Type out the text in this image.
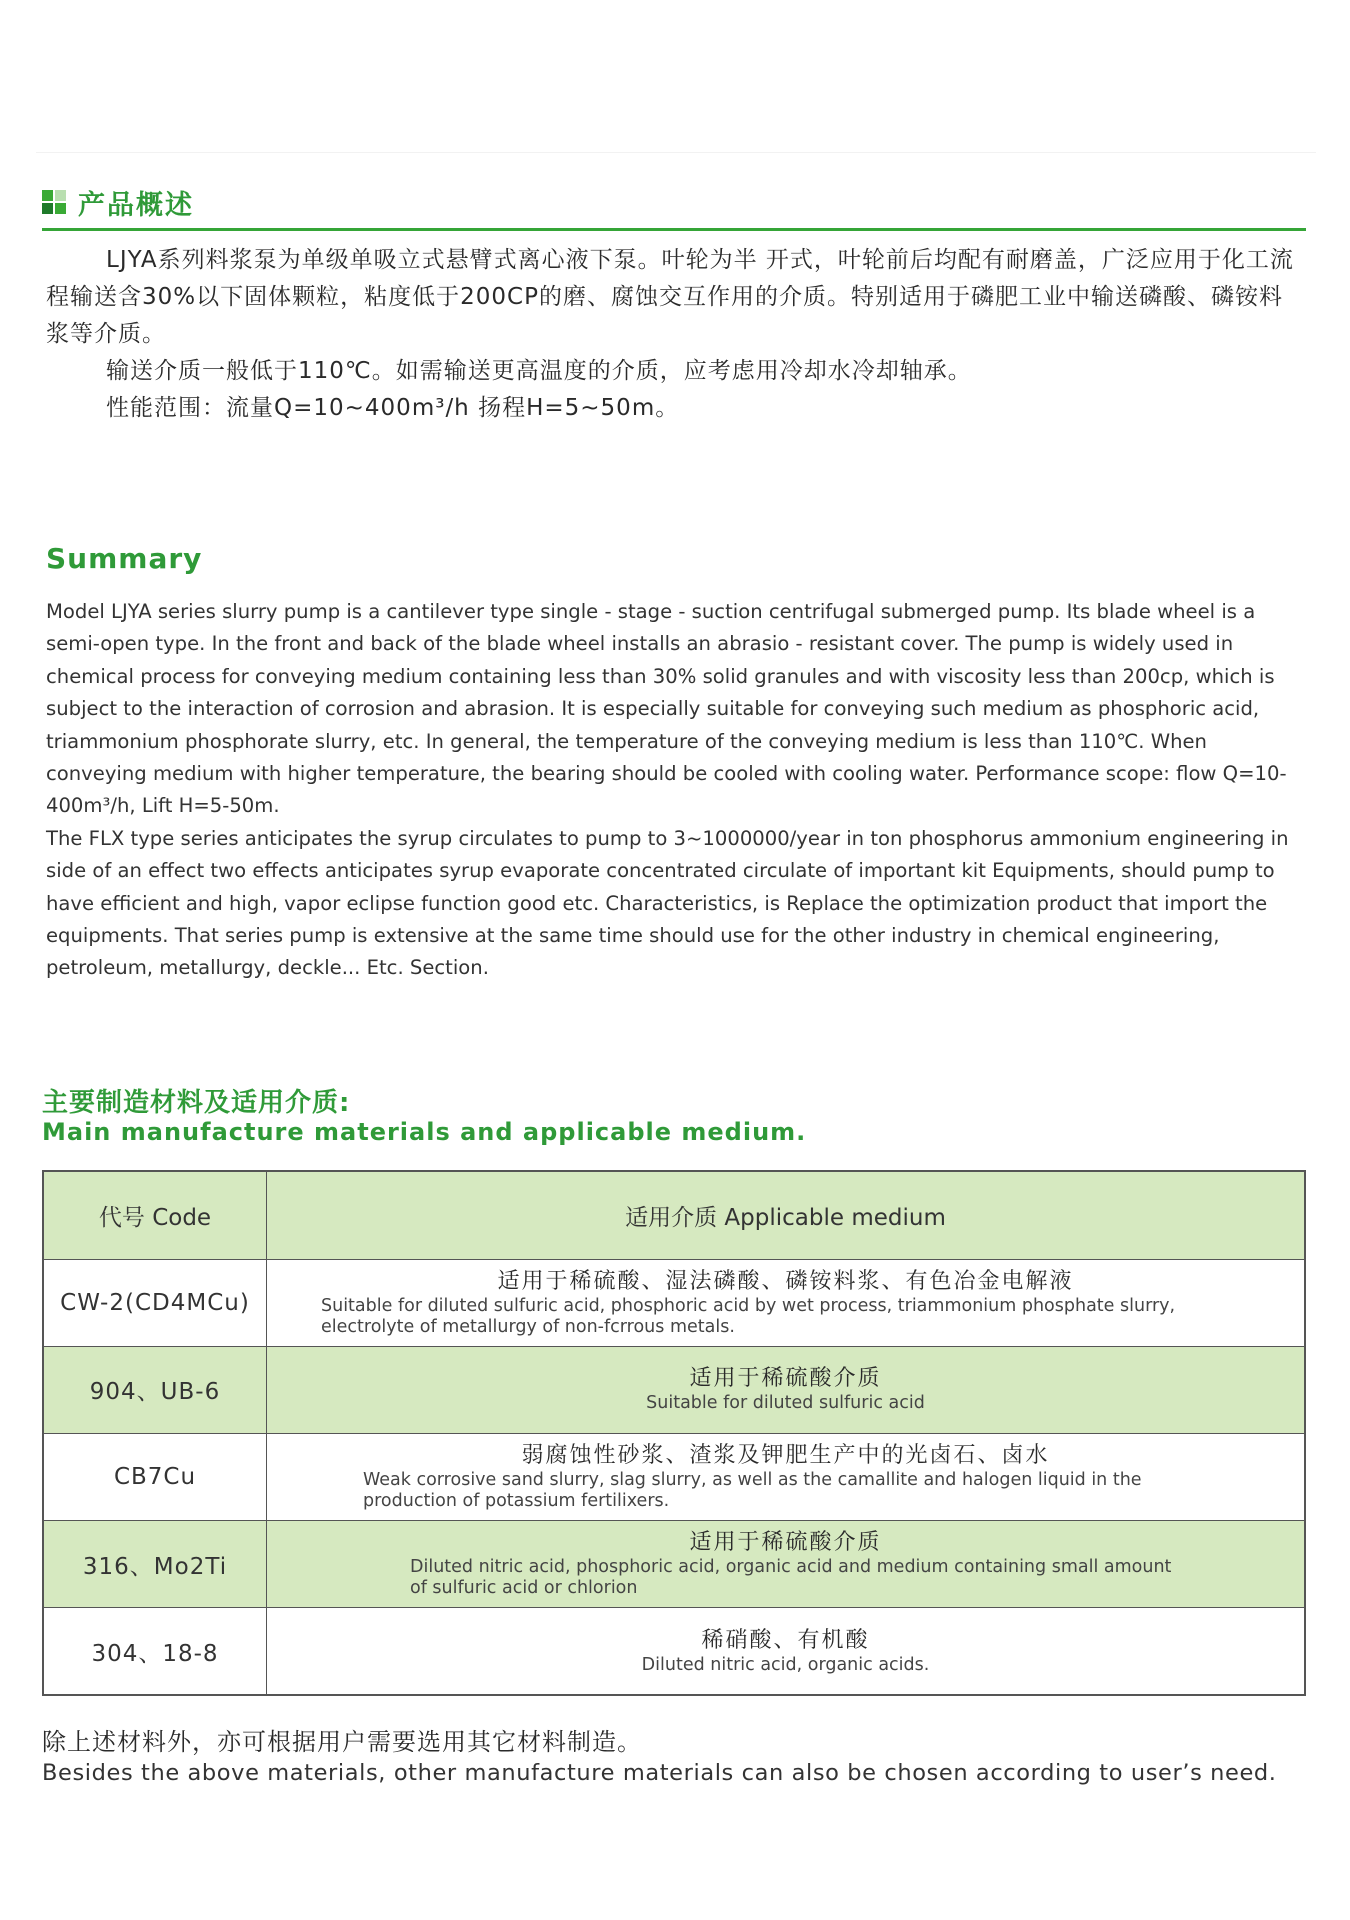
产品概述

LJYA系列料浆泵为单级单吸立式悬臂式离心液下泵。叶轮为半 开式，叶轮前后均配有耐磨盖，广泛应用于化工流程输送含30%以下固体颗粒，粘度低于200CP的磨、腐蚀交互作用的介质。特别适用于磷肥工业中输送磷酸、磷铵料浆等介质。

输送介质一般低于110℃。如需输送更高温度的介质，应考虑用冷却水冷却轴承。

性能范围：流量Q=10~400m³/h 扬程H=5~50m。

Summary

Model LJYA series slurry pump is a cantilever type single - stage - suction centrifugal submerged pump. Its blade wheel is a semi-open type. In the front and back of the blade wheel installs an abrasio - resistant cover. The pump is widely used in chemical process for conveying medium containing less than 30% solid granules and with viscosity less than 200cp, which is subject to the interaction of corrosion and abrasion. It is especially suitable for conveying such medium as phosphoric acid, triammonium phosphorate slurry, etc. In general, the temperature of the conveying medium is less than 110℃. When conveying medium with higher temperature, the bearing should be cooled with cooling water. Performance scope: flow Q=10-400m³/h, Lift H=5-50m.

The FLX type series anticipates the syrup circulates to pump to 3~1000000/year in ton phosphorus ammonium engineering in side of an effect two effects anticipates syrup evaporate concentrated circulate of important kit Equipments, should pump to have efficient and high, vapor eclipse function good etc. Characteristics, is Replace the optimization product that import the equipments. That series pump is extensive at the same time should use for the other industry in chemical engineering, petroleum, metallurgy, deckle... Etc. Section.

主要制造材料及适用介质:
Main manufacture materials and applicable medium.
代号 Code	适用介质 Applicable medium
CW-2(CD4MCu)	适用于稀硫酸、湿法磷酸、磷铵料浆、有色冶金电解液
Suitable for diluted sulfuric acid, phosphoric acid by wet process, triammonium phosphate slurry, electrolyte of metallurgy of non-fcrrous metals.

904、UB-6	适用于稀硫酸介质
Suitable for diluted sulfuric acid

CB7Cu	弱腐蚀性砂浆、渣浆及钾肥生产中的光卤石、卤水
Weak corrosive sand slurry, slag slurry, as well as the camallite and halogen liquid in the production of potassium fertilixers.

316、Mo2Ti	适用于稀硫酸介质
Diluted nitric acid, phosphoric acid, organic acid and medium containing small amount of sulfuric acid or chlorion

304、18-8	稀硝酸、有机酸
Diluted nitric acid, organic acids.
除上述材料外，亦可根据用户需要选用其它材料制造。
Besides the above materials, other manufacture materials can also be chosen according to user’s need.
